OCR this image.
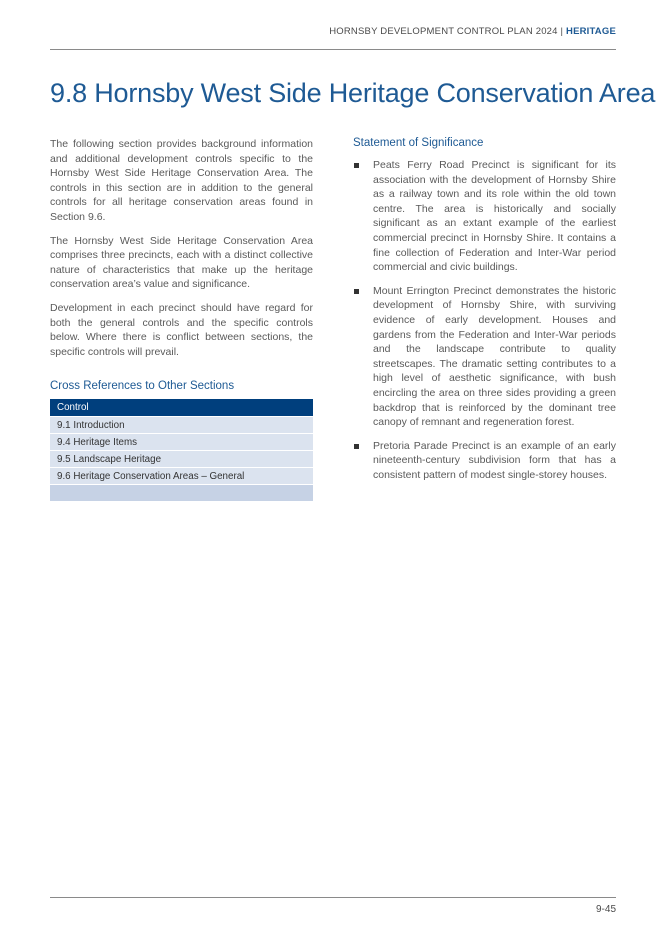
HORNSBY DEVELOPMENT CONTROL PLAN 2024 | HERITAGE
9.8 Hornsby West Side Heritage Conservation Area

The following section provides background information and additional development controls specific to the Hornsby West Side Heritage Conservation Area. The controls in this section are in addition to the general controls for all heritage conservation areas found in Section 9.6.

The Hornsby West Side Heritage Conservation Area comprises three precincts, each with a distinct collective nature of characteristics that make up the heritage conservation area’s value and significance.

Development in each precinct should have regard for both the general controls and the specific controls below. Where there is conflict between sections, the specific controls will prevail.

Cross References to Other Sections
Control
9.1 Introduction
9.4 Heritage Items
9.5 Landscape Heritage
9.6 Heritage Conservation Areas – General

Statement of Significance
Peats Ferry Road Precinct is significant for its association with the development of Hornsby Shire as a railway town and its role within the old town centre. The area is historically and socially significant as an extant example of the earliest commercial precinct in Hornsby Shire. It contains a fine collection of Federation and Inter-War period commercial and civic buildings.
Mount Errington Precinct demonstrates the historic development of Hornsby Shire, with surviving evidence of early development. Houses and gardens from the Federation and Inter-War periods and the landscape contribute to quality streetscapes. The dramatic setting contributes to a high level of aesthetic significance, with bush encircling the area on three sides providing a green backdrop that is reinforced by the dominant tree canopy of remnant and regeneration forest.
Pretoria Parade Precinct is an example of an early nineteenth-century subdivision form that has a consistent pattern of modest single-storey houses.
9-45
